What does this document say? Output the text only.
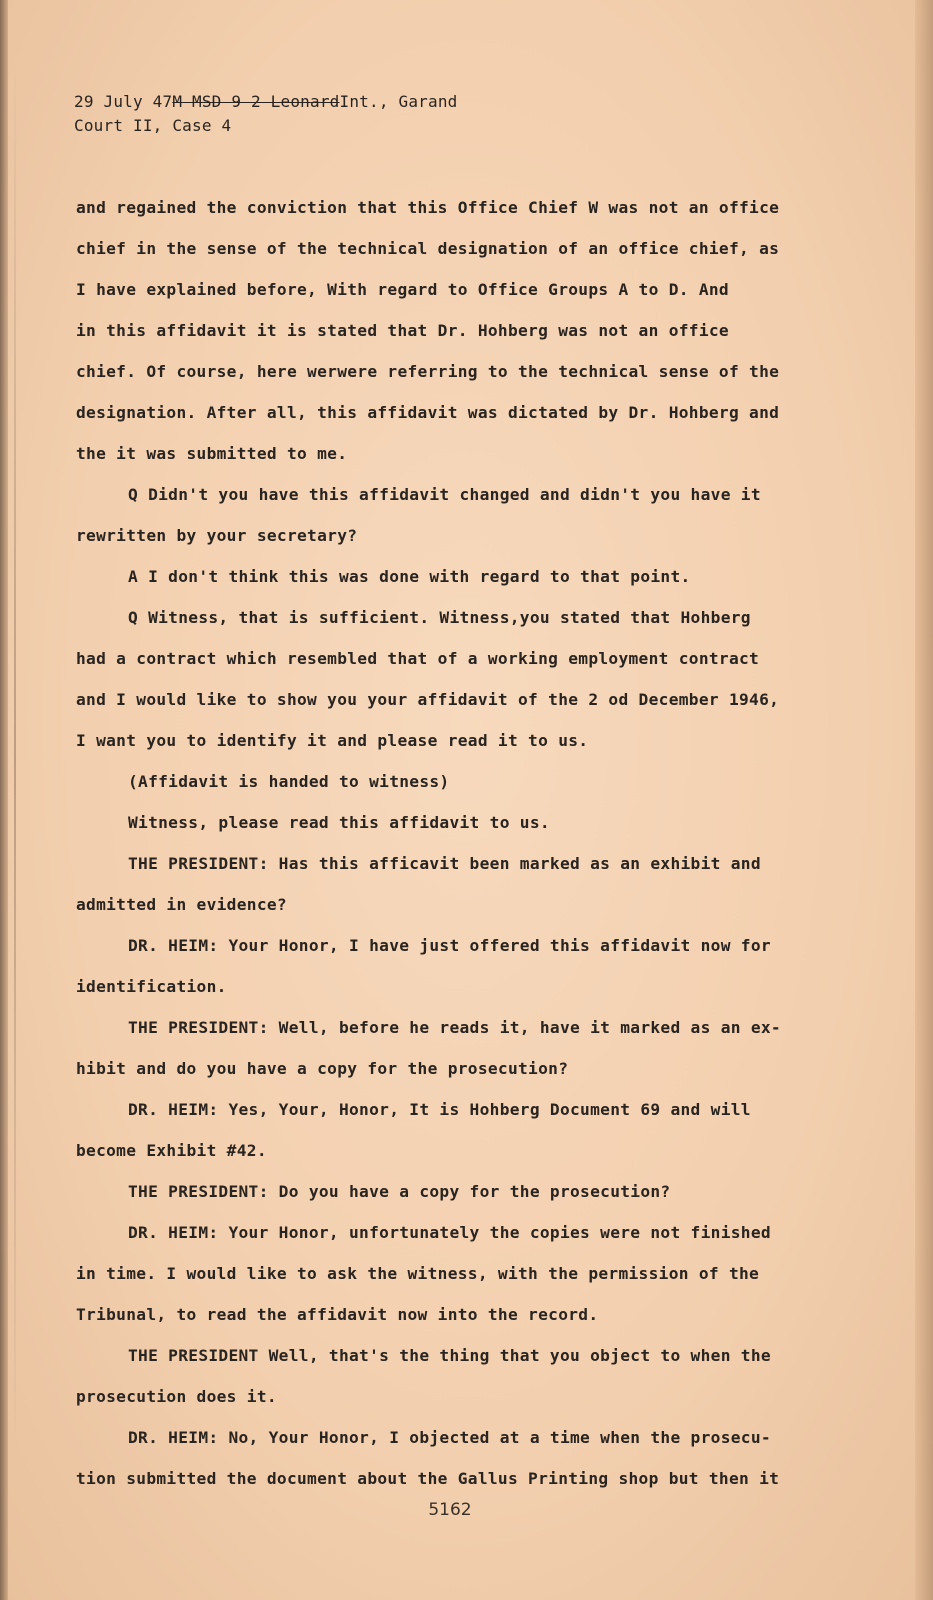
29 July 47M MSD 9 2 LeonardInt., Garand
Court II, Case 4

and regained the conviction that this Office Chief W was not an office

chief in the sense of the technical designation of an office chief, as

I have explained before, With regard to Office Groups A to D. And

in this affidavit it is stated that Dr. Hohberg was not an office

chief. Of course, here werwere referring to the technical sense of the

designation. After all, this affidavit was dictated by Dr. Hohberg and

the it was submitted to me.

Q Didn't you have this affidavit changed and didn't you have it

rewritten by your secretary?

A I don't think this was done with regard to that point.

Q Witness, that is sufficient. Witness,you stated that Hohberg

had a contract which resembled that of a working employment contract

and I would like to show you your affidavit of the 2 od December 1946,

I want you to identify it and please read it to us.

(Affidavit is handed to witness)

Witness, please read this affidavit to us.

THE PRESIDENT: Has this afficavit been marked as an exhibit and

admitted in evidence?

DR. HEIM: Your Honor, I have just offered this affidavit now for

identification.

THE PRESIDENT: Well, before he reads it, have it marked as an ex-

hibit and do you have a copy for the prosecution?

DR. HEIM: Yes, Your, Honor, It is Hohberg Document 69 and will

become Exhibit #42.

THE PRESIDENT: Do you have a copy for the prosecution?

DR. HEIM: Your Honor, unfortunately the copies were not finished

in time. I would like to ask the witness, with the permission of the

Tribunal, to read the affidavit now into the record.

THE PRESIDENT Well, that's the thing that you object to when the

prosecution does it.

DR. HEIM: No, Your Honor, I objected at a time when the prosecu-

tion submitted the document about the Gallus Printing shop but then it

5162
